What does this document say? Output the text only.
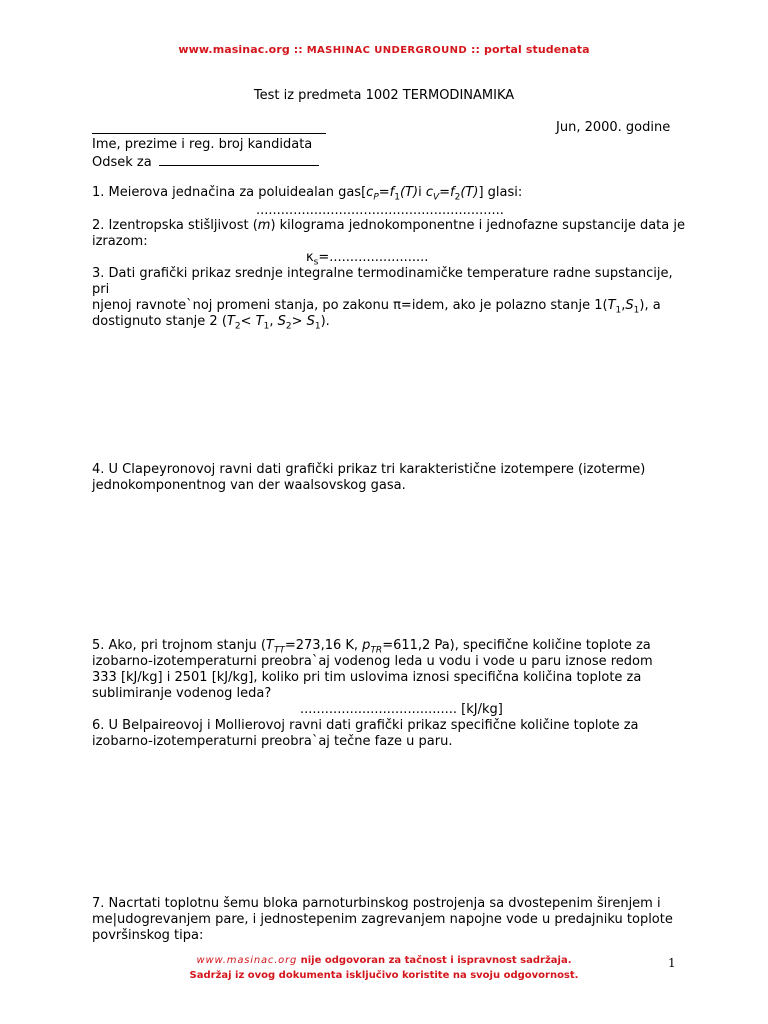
www.masinac.org :: MASHINAC UNDERGROUND :: portal studenata
Test iz predmeta 1002 TERMODINAMIKA
Jun, 2000. godine
Ime, prezime i reg. broj kandidata
Odsek za
1. Meierova jednačina za poluidealan $gas[c_P=f_1(T)i$ $c_V=f_2(T)$] glasi:
............................................................
2. Izentropska stišljivost (m) kilograma jednokomponentne i jednofazne supstancije data je
izrazom:
$\kappa_s=$........................
3. Dati grafički prikaz srednje integralne termodinamičke temperature radne supstancije, pri
njenoj ravnote`noj promeni stanja, po zakonu π=idem, ako je polazno stanje $1(T_1,S_1)$, a
dostignuto stanje 2 ($T_2< T_1$, $S_2> S_1$).
4. U Clapeyronovoj ravni dati grafički prikaz tri karakteristične izotempere (izoterme)
jednokomponentnog van der waalsovskog gasa.
5. Ako, pri trojnom stanju ($T_{TT}=273,16$ K, $p_{TR}=611,2$ Pa), specifične količine toplote za
izobarno-izotemperaturni preobra`aj vodenog leda u vodu i vode u paru iznose redom
333 [kJ/kg] i 2501 [kJ/kg], koliko pri tim uslovima iznosi specifična količina toplote za
sublimiranje vodenog leda?
...................................... [kJ/kg]
6. U Belpaireovoj i Mollierovoj ravni dati grafički prikaz specifične količine toplote za
izobarno-izotemperaturni preobra`aj tečne faze u paru.
7. Nacrtati toplotnu šemu bloka parnoturbinskog postrojenja sa dvostepenim širenjem i
me|udogrevanjem pare, i jednostepenim zagrevanjem napojne vode u predajniku toplote
površinskog tipa:
www.masinac.org nije odgovoran za tačnost i ispravnost sadržaja.
Sadržaj iz ovog dokumenta isključivo koristite na svoju odgovornost.
1
